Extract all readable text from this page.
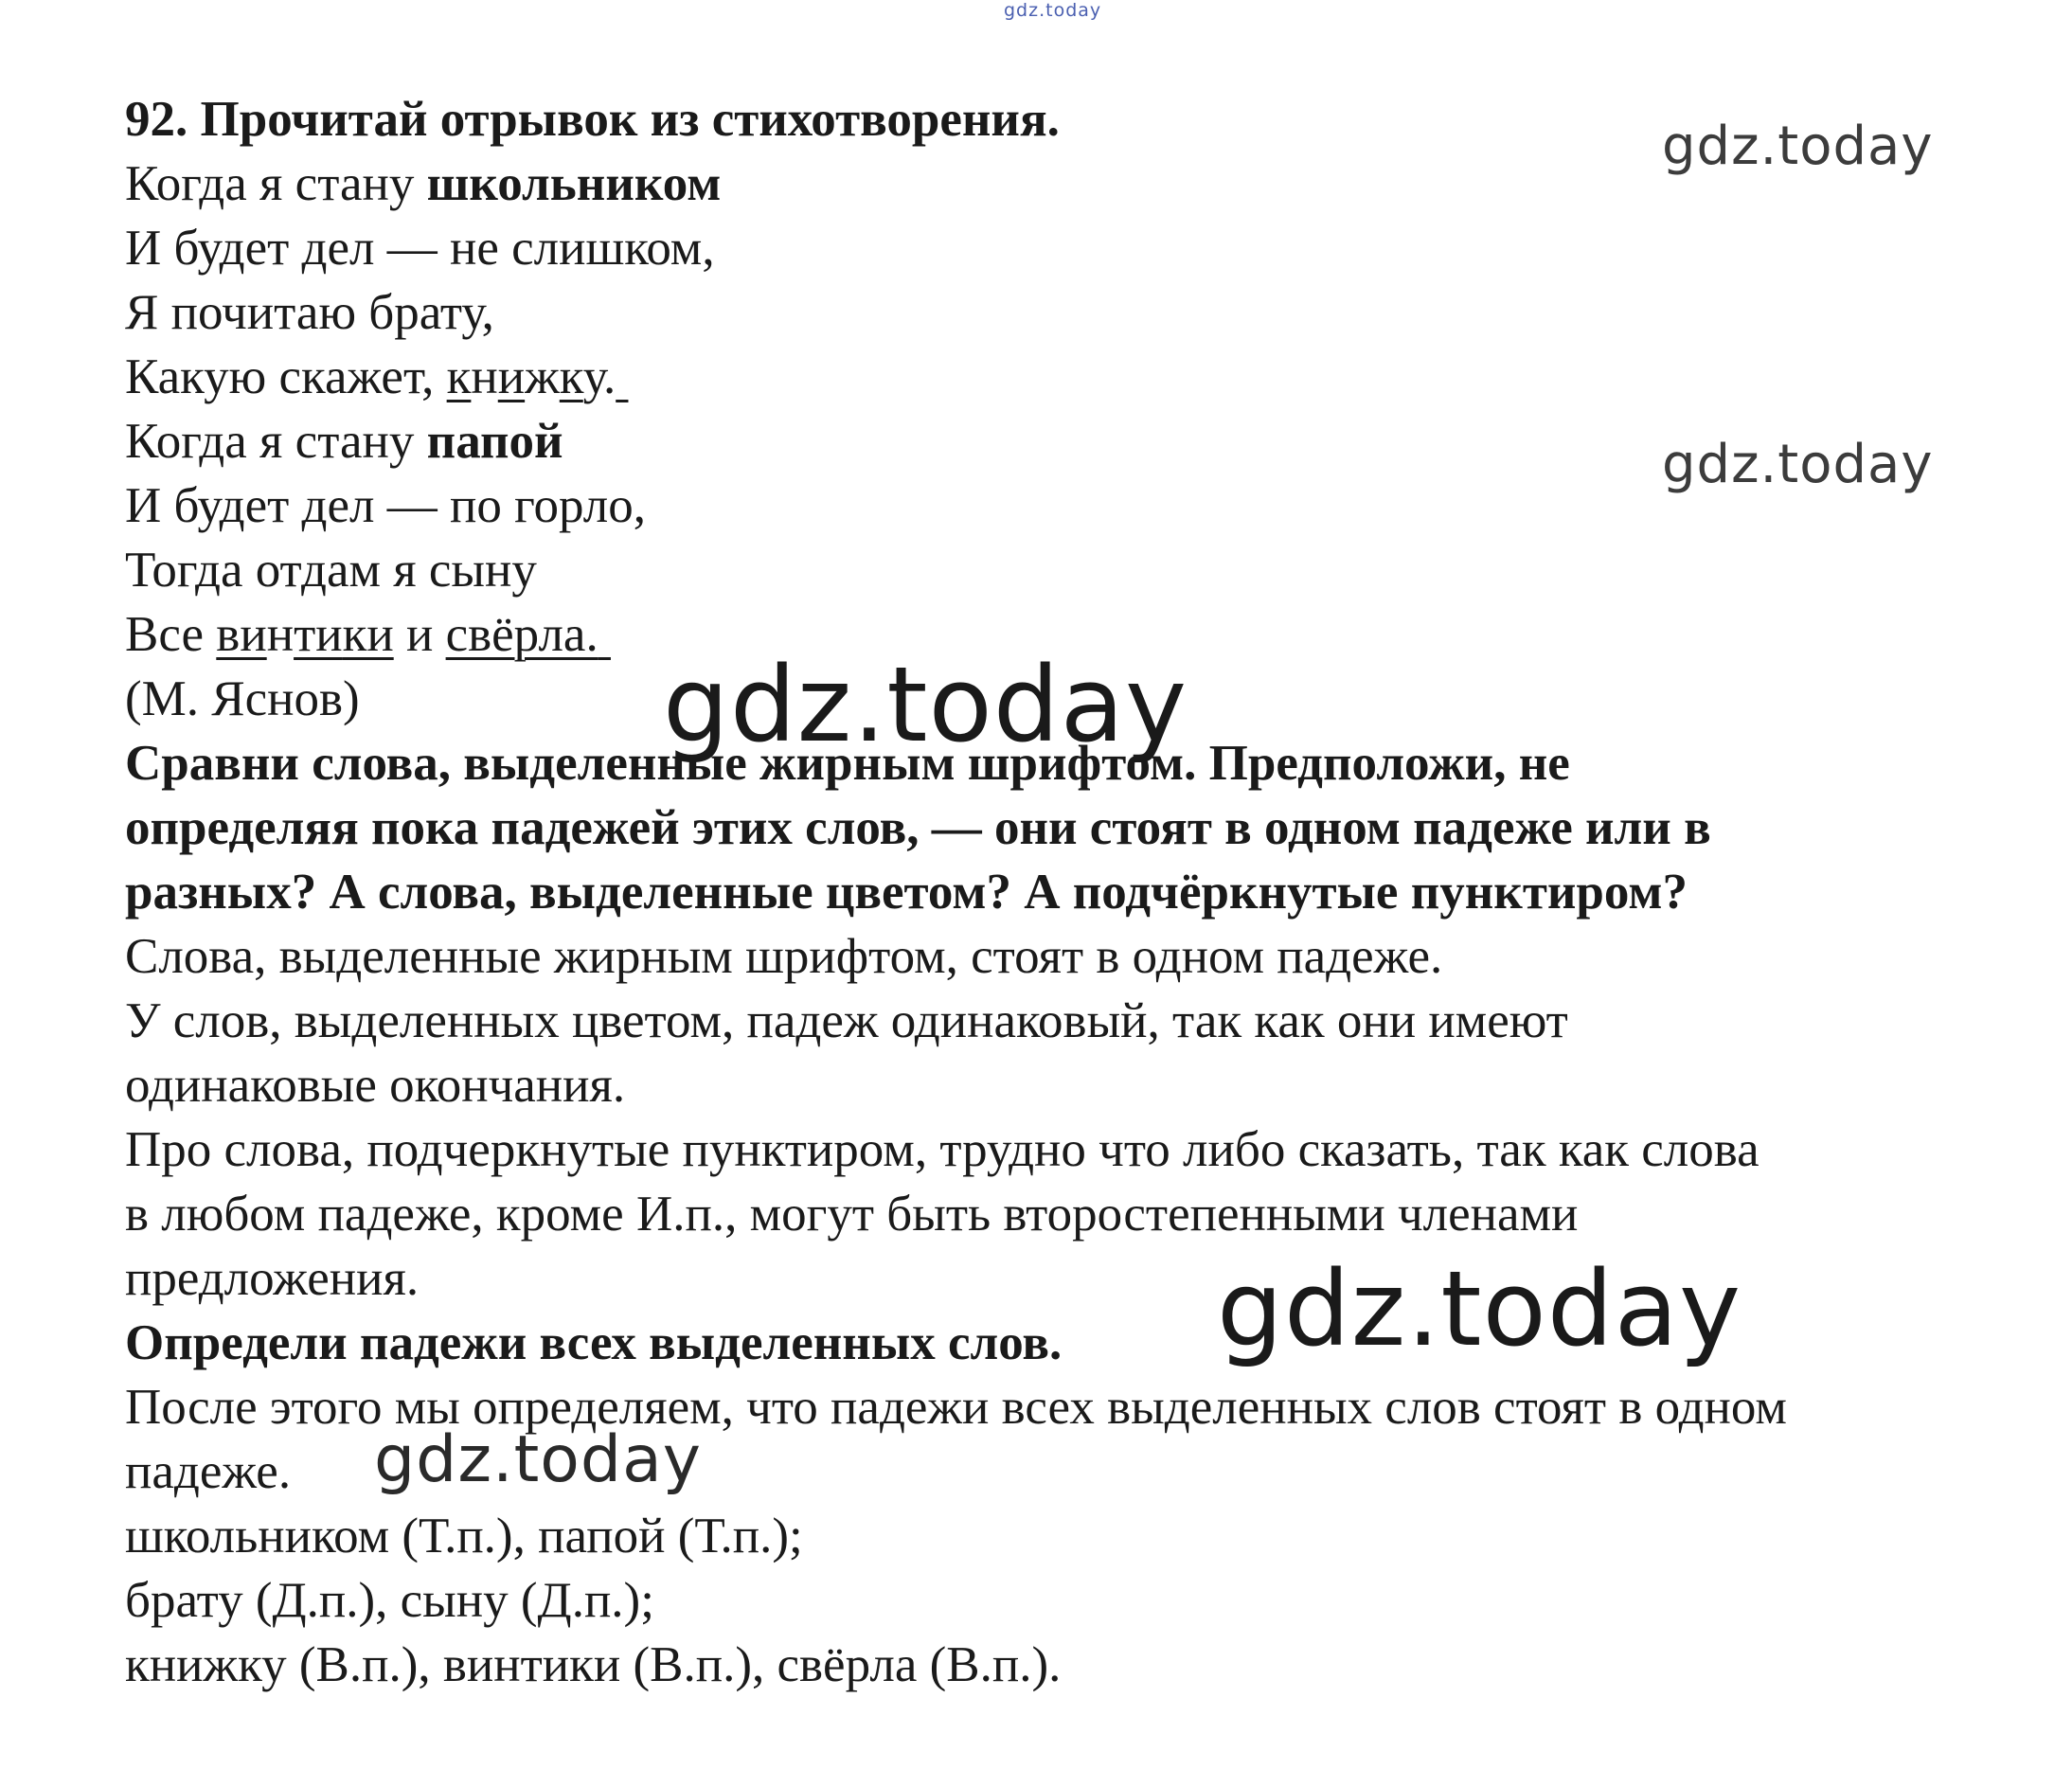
gdz.today
gdz.today
gdz.today
gdz.today
gdz.today
gdz.today

92. Прочитай отрывок из стихотворения.

Когда я стану школьником

И будет дел — не слишком,

Я почитаю брату,

Какую скажет, книжку.

Когда я стану папой

И будет дел — по горло,

Тогда отдам я сыну

Все винтики и свёрла.

(М. Яснов)

Сравни слова, выделенные жирным шрифтом. Предположи, не

определяя пока падежей этих слов, — они стоят в одном падеже или в

разных? А слова, выделенные цветом? А подчёркнутые пунктиром?

Слова, выделенные жирным шрифтом, стоят в одном падеже.

У слов, выделенных цветом, падеж одинаковый, так как они имеют

одинаковые окончания.

Про слова, подчеркнутые пунктиром, трудно что либо сказать, так как слова

в любом падеже, кроме И.п., могут быть второстепенными членами

предложения.

Определи падежи всех выделенных слов.

После этого мы определяем, что падежи всех выделенных слов стоят в одном

падеже.

школьником (Т.п.), папой (Т.п.);

брату (Д.п.), сыну (Д.п.);

книжку (В.п.), винтики (В.п.), свёрла (В.п.).
